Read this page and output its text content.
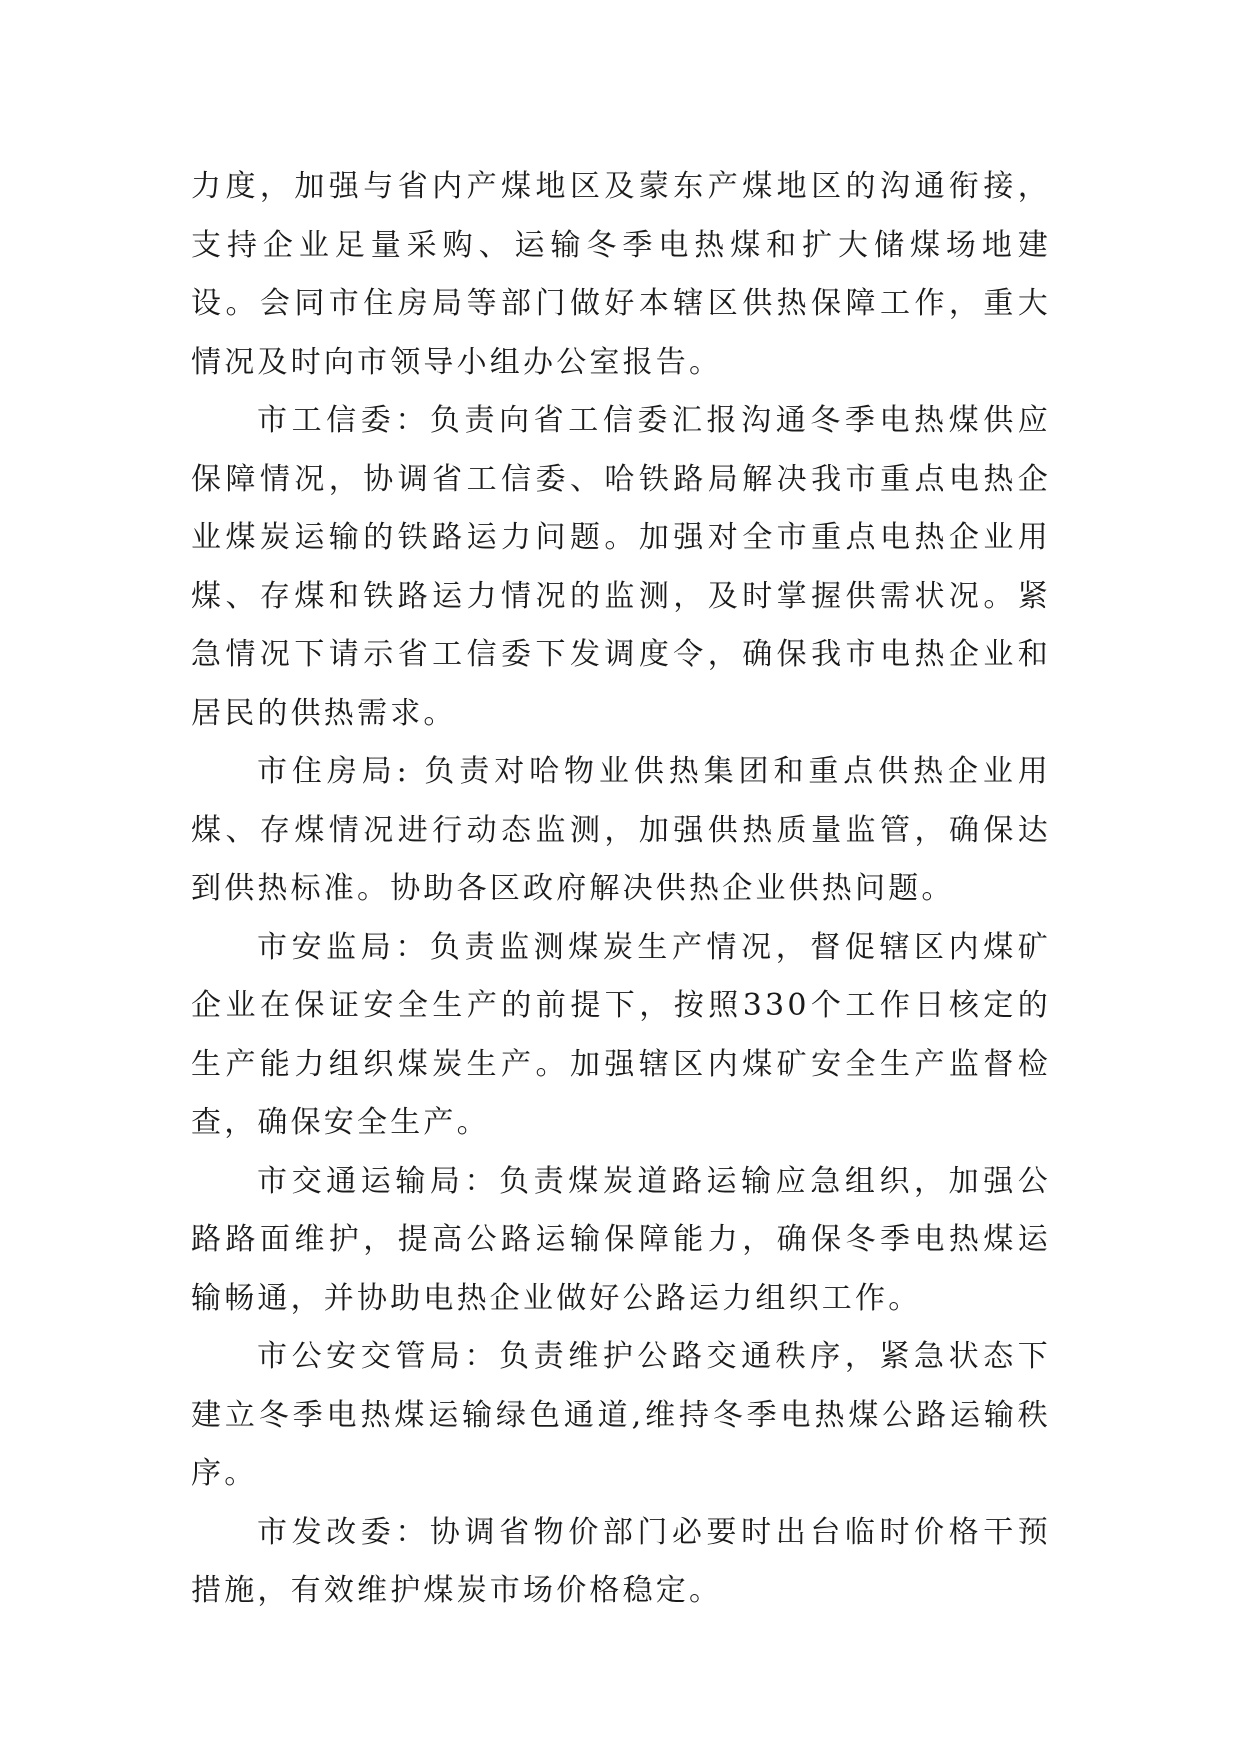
力度，加强与省内产煤地区及蒙东产煤地区的沟通衔接，支持企业足量采购、运输冬季电热煤和扩大储煤场地建设。会同市住房局等部门做好本辖区供热保障工作，重大情况及时向市领导小组办公室报告。

市工信委：负责向省工信委汇报沟通冬季电热煤供应保障情况，协调省工信委、哈铁路局解决我市重点电热企业煤炭运输的铁路运力问题。加强对全市重点电热企业用煤、存煤和铁路运力情况的监测，及时掌握供需状况。紧急情况下请示省工信委下发调度令，确保我市电热企业和居民的供热需求。

市住房局: 负责对哈物业供热集团和重点供热企业用煤、存煤情况进行动态监测，加强供热质量监管，确保达到供热标准。协助各区政府解决供热企业供热问题。

市安监局：负责监测煤炭生产情况，督促辖区内煤矿企业在保证安全生产的前提下，按照330个工作日核定的生产能力组织煤炭生产。加强辖区内煤矿安全生产监督检查，确保安全生产。

市交通运输局：负责煤炭道路运输应急组织，加强公路路面维护，提高公路运输保障能力，确保冬季电热煤运输畅通，并协助电热企业做好公路运力组织工作。

市公安交管局：负责维护公路交通秩序，紧急状态下建立冬季电热煤运输绿色通道,维持冬季电热煤公路运输秩序。

市发改委：协调省物价部门必要时出台临时价格干预措施，有效维护煤炭市场价格稳定。
